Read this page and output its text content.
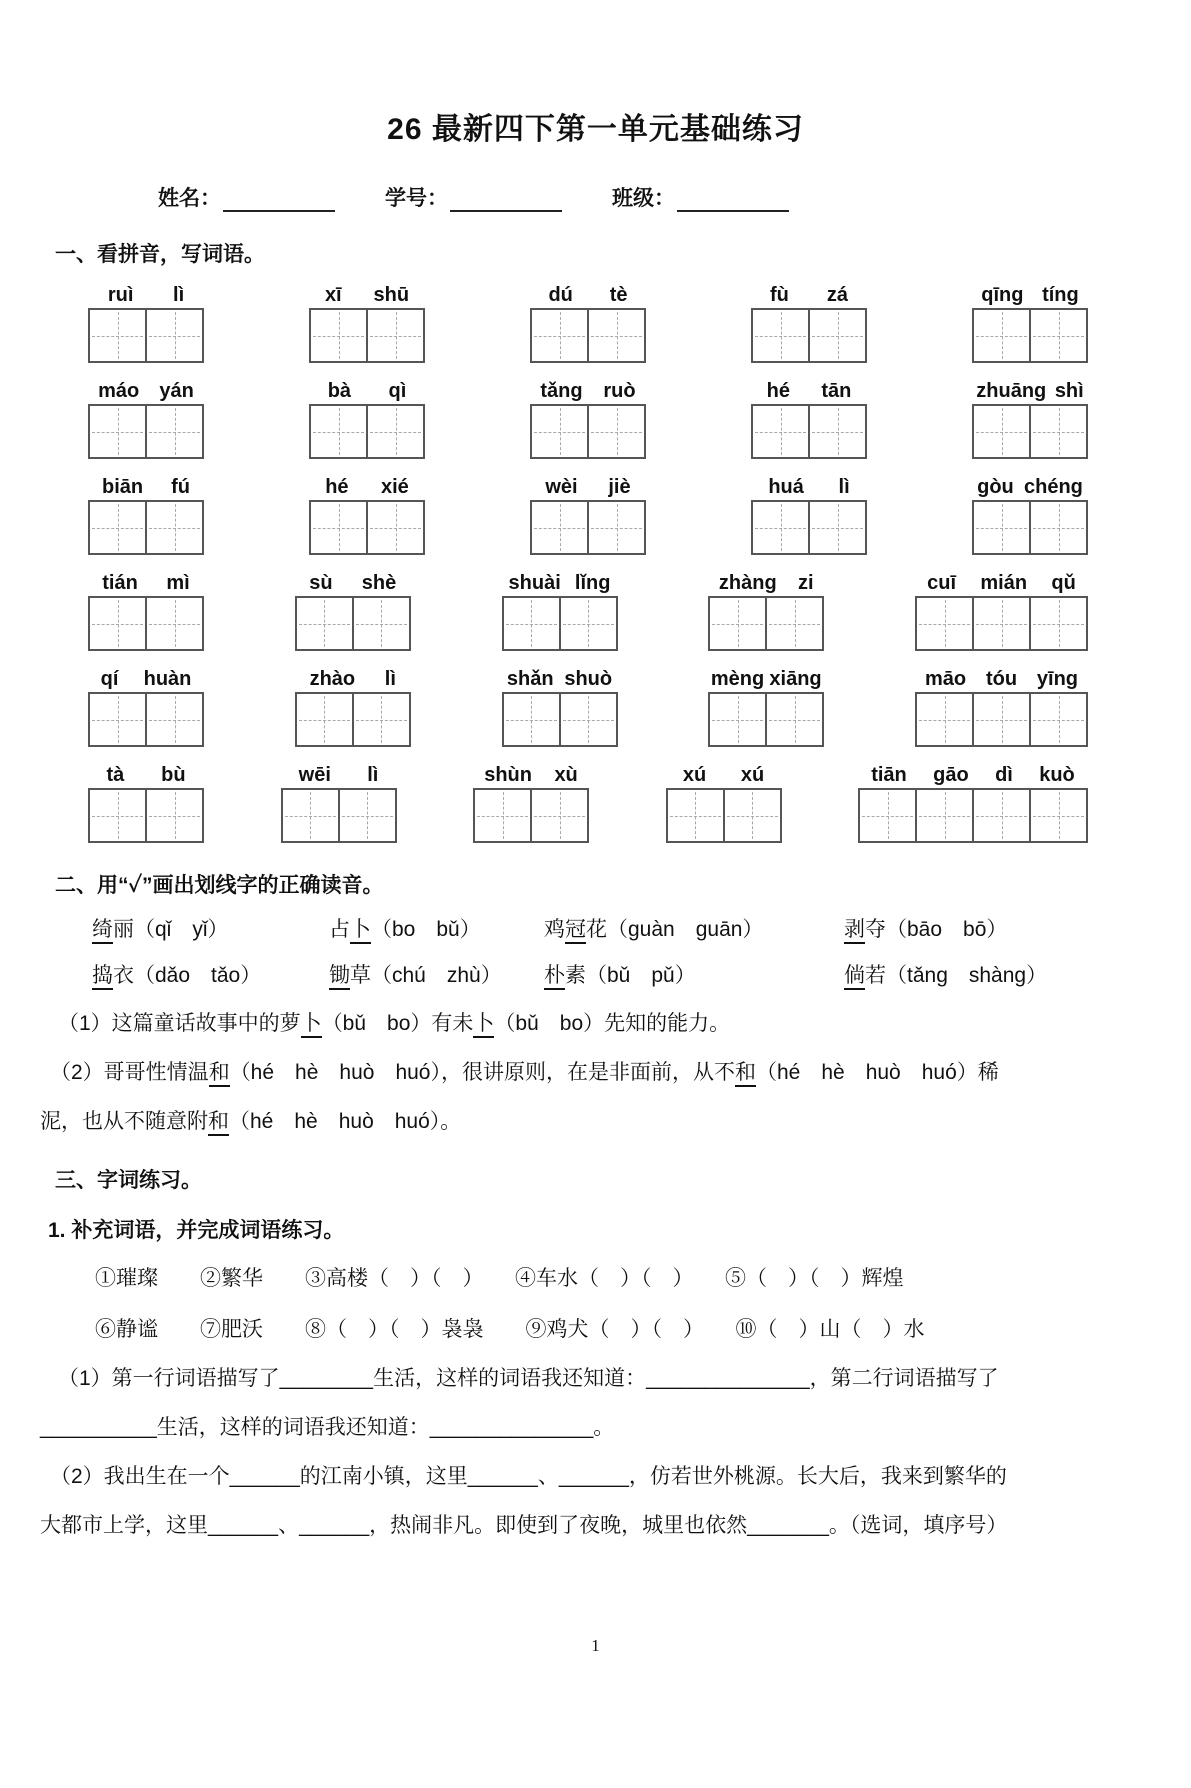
26 最新四下第一单元基础练习
姓名：	学号：	班级：
一、看拼音，写词语。
ruì lì	xī shū	dú tè	fù zá	qīng tíng
máo yán	bà qì	tǎng ruò	hé tān	zhuāng shì
biān fú	hé xié	wèi jiè	huá lì	gòu chéng
tián mì	sù shè	shuài lǐng	zhàng zi	cuī mián qǔ
qí huàn	zhào lì	shǎn shuò	mèng xiāng	māo tóu yīng
tà bù	wēi lì	shùn xù	xú xú	tiān gāo dì kuò
二、用“✓”画出划线字的正确读音。
绮丽（qǐ　yǐ）	占卜（bo　bǔ）	鸡冠花（guàn　guān）	剥夺（bāo　bō）
捣衣（dǎo　tǎo）	锄草（chú　zhù）	朴素（bǔ　pǔ）	倘若（tǎng　shàng）
（1）这篇童话故事中的萝卜（bǔ　bo）有未卜（bǔ　bo）先知的能力。
（2）哥哥性情温和（hé　hè　huò　huó），很讲原则，在是非面前，从不和（hé　hè　huò　huó）稀
泥，也从不随意附和（hé　hè　huò　huó）。
三、字词练习。
1. 补充词语，并完成词语练习。
①璀璨　　②繁华　　③高楼（　）（　）　　④车水（　）（　）　　⑤（　）（　）辉煌
⑥静谧　　⑦肥沃　　⑧（　）（　）袅袅　　⑨鸡犬（　）（　）　　⑩（　）山（　）水
（1）第一行词语描写了________生活，这样的词语我还知道：______________，第二行词语描写了
__________生活，这样的词语我还知道：______________。
（2）我出生在一个______的江南小镇，这里______、______，仿若世外桃源。长大后，我来到繁华的
大都市上学，这里______、______，热闹非凡。即使到了夜晚，城里也依然_______。（选词，填序号）
1
